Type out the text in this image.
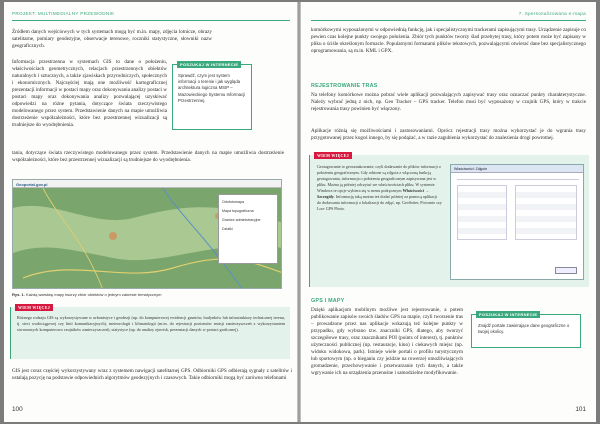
PROJEKT: MULTIMEDIALNY PRZEWODNIK
Źródłem danych wejściowych w tych systemach mogą być m.in. mapy, zdjęcia lotnicze, obrazy satelitarne, pomiary geodezyjne, obserwacje terenowe, roczniki statystyczne, słowniki nazw geograficznych.
Informacja przestrzenna w systemach GIS to dane o położeniu, właściwościach geometrycznych, relacjach przestrzennych obiektów naturalnych i sztucznych, a także zjawiskach przyrodniczych, społecznych i ekonomicznych. Najczęściej mają one możliwość kartograficznej prezentacji informacji w postaci mapy oraz dokonywania analizy postaci w postaci mapy oraz dokonywania analizy pozwalającej uzyskiwać odpowiedzi na różne pytania, dotyczące świata rzeczywistego modelowanego przez system. Przedstawienie danych na mapie umożliwia dostrzeżenie współzależności, które bez przestrzennej wizualizacji są trudniejsze do wyodrębnienia.
tania, dotyczące świata rzeczywistego modelowanego przez system. Przedstawienie danych na mapie umożliwia dostrzeżenie współzależności, które bez przestrzennej wizualizacji są trudniejsze do wyodrębnienia.
POSZUKAJ W INTERNECIE
Sprawdź, czym jest system informacji o terenie i jak wygląda architektura logiczna MSIP – Mazowieckiego Systemu Informacji Przestrzennej.
Geoportal.gov.pl
Ortofotomapa
Mapa topograficzna
Granice administracyjne
Działki
Rys. 1. Każdą warstwę mapy tworzy zbiór obiektów o jednym zakresie tematycznym
WIEM WIĘCEJ
Różnego rodzaju GIS są wykorzystywane w urbanistyce i geodezji (np. do komputerowej ewidencji gruntów, budynków lub infrastruktury technicznej terenu, tj. sieci wodociągowej czy linii komunikacyjnych), meteorologii i klimatologii (m.in. do rejestracji poziomów emisji zanieczyszczeń z wykorzystaniem stworzonych komputerowo czujników zanieczyszczeń), statystyce (np. do analizy zjawisk, prezentacji danych w postaci graficznej).
GIS jest coraz częściej wykorzystywany wraz z systemem nawigacji satelitarnej GPS. Odbiorniki GPS odbierają sygnały z satelitów i ustalają pozycję na podstawie odpowiednich algorytmów geodezyjnych i czasowych. Takie odbiorniki mogą być zarówno telefonami
100
7. Spersonalizowana e-mapa
komórkowymi wyposażonymi w odpowiednią funkcję, jak i specjalistycznymi trackerami zapisującymi trasy. Urządzenie zapisuje co pewien czas kolejne punkty swojego położenia. Zbiór tych punktów tworzy ślad przebytej trasy, który potem może być zapisany w pliku o ściśle określonym formacie. Popularnymi formatami plików tekstowych, pozwalającymi otwierać dane bez specjalistycznego oprogramowania, są m.in. KML i GPX.
REJESTROWANIE TRAS
Na telefony komórkowe można pobrać wiele aplikacji pozwalających zapisywać trasy oraz oznaczać punkty charakterystyczne. Należy wybrać jedną z nich, np. Geo Tracker – GPS tracker. Telefon musi być wyposażony w czujnik GPS, który w trakcie rejestrowania trasy powinien być włączony.
Aplikacje różnią się możliwościami i zastosowaniami. Oprócz rejestracji trasy można wykorzystać je do wgrania trasy przygotowanej przez kogoś innego, by się podążać, a w razie zagubienia wykorzystać do znalezienia drogi powrotnej.
WIEM WIĘCEJ
Geotagowanie to geooznakowanie, czyli dodawanie do plików informacji o położeniu geograficznym. Gdy robione są zdjęcia z włączoną funkcją geotagowania, informacja o położeniu geograficznym zapisywana jest w pliku. Można ją później odczytać we właściwościach pliku. W systemie Windows te opcje wybiera się w menu podręcznym Właściwości → Szczegóły. Informację taką można też dodać później za pomocą aplikacji do dodawania informacji o lokalizacji do zdjęć, np. GeoSetter, Pictomio czy Locr GPS Photo.
Właściwości: Zdjęcie
GPS I MAPY
Dzięki aplikacjom mobilnym możliwe jest rejestrowanie, a potem publikowanie zapisów swoich śladów GPS na mapie, czyli tworzenie tras – prowadzone przez nas aplikacje wskazują też kolejne punkty w przypadku, gdy wybrano tzw. znaczniki GPS, dlatego, aby tworzyć szczegółowe trasy, oraz znacznikami POI (points of interest), tj. punktów użyteczności publicznej (np. restauracje, kino) i ciekawych miejsc (np. widoku widokowa, park). Istnieje wiele portali o profilu turystycznym lub sportowym (np. o bieganiu czy jeździe na rowerze) umożliwiających gromadzenie, przechowywanie i przetwarzanie tych danych, a także wgrywanie ich na urządzenia przenośne i samodzielne modyfikowanie.
POSZUKAJ W INTERNECIE
Znajdź portale zawierające dane geograficzne o twojej okolicy.
101
